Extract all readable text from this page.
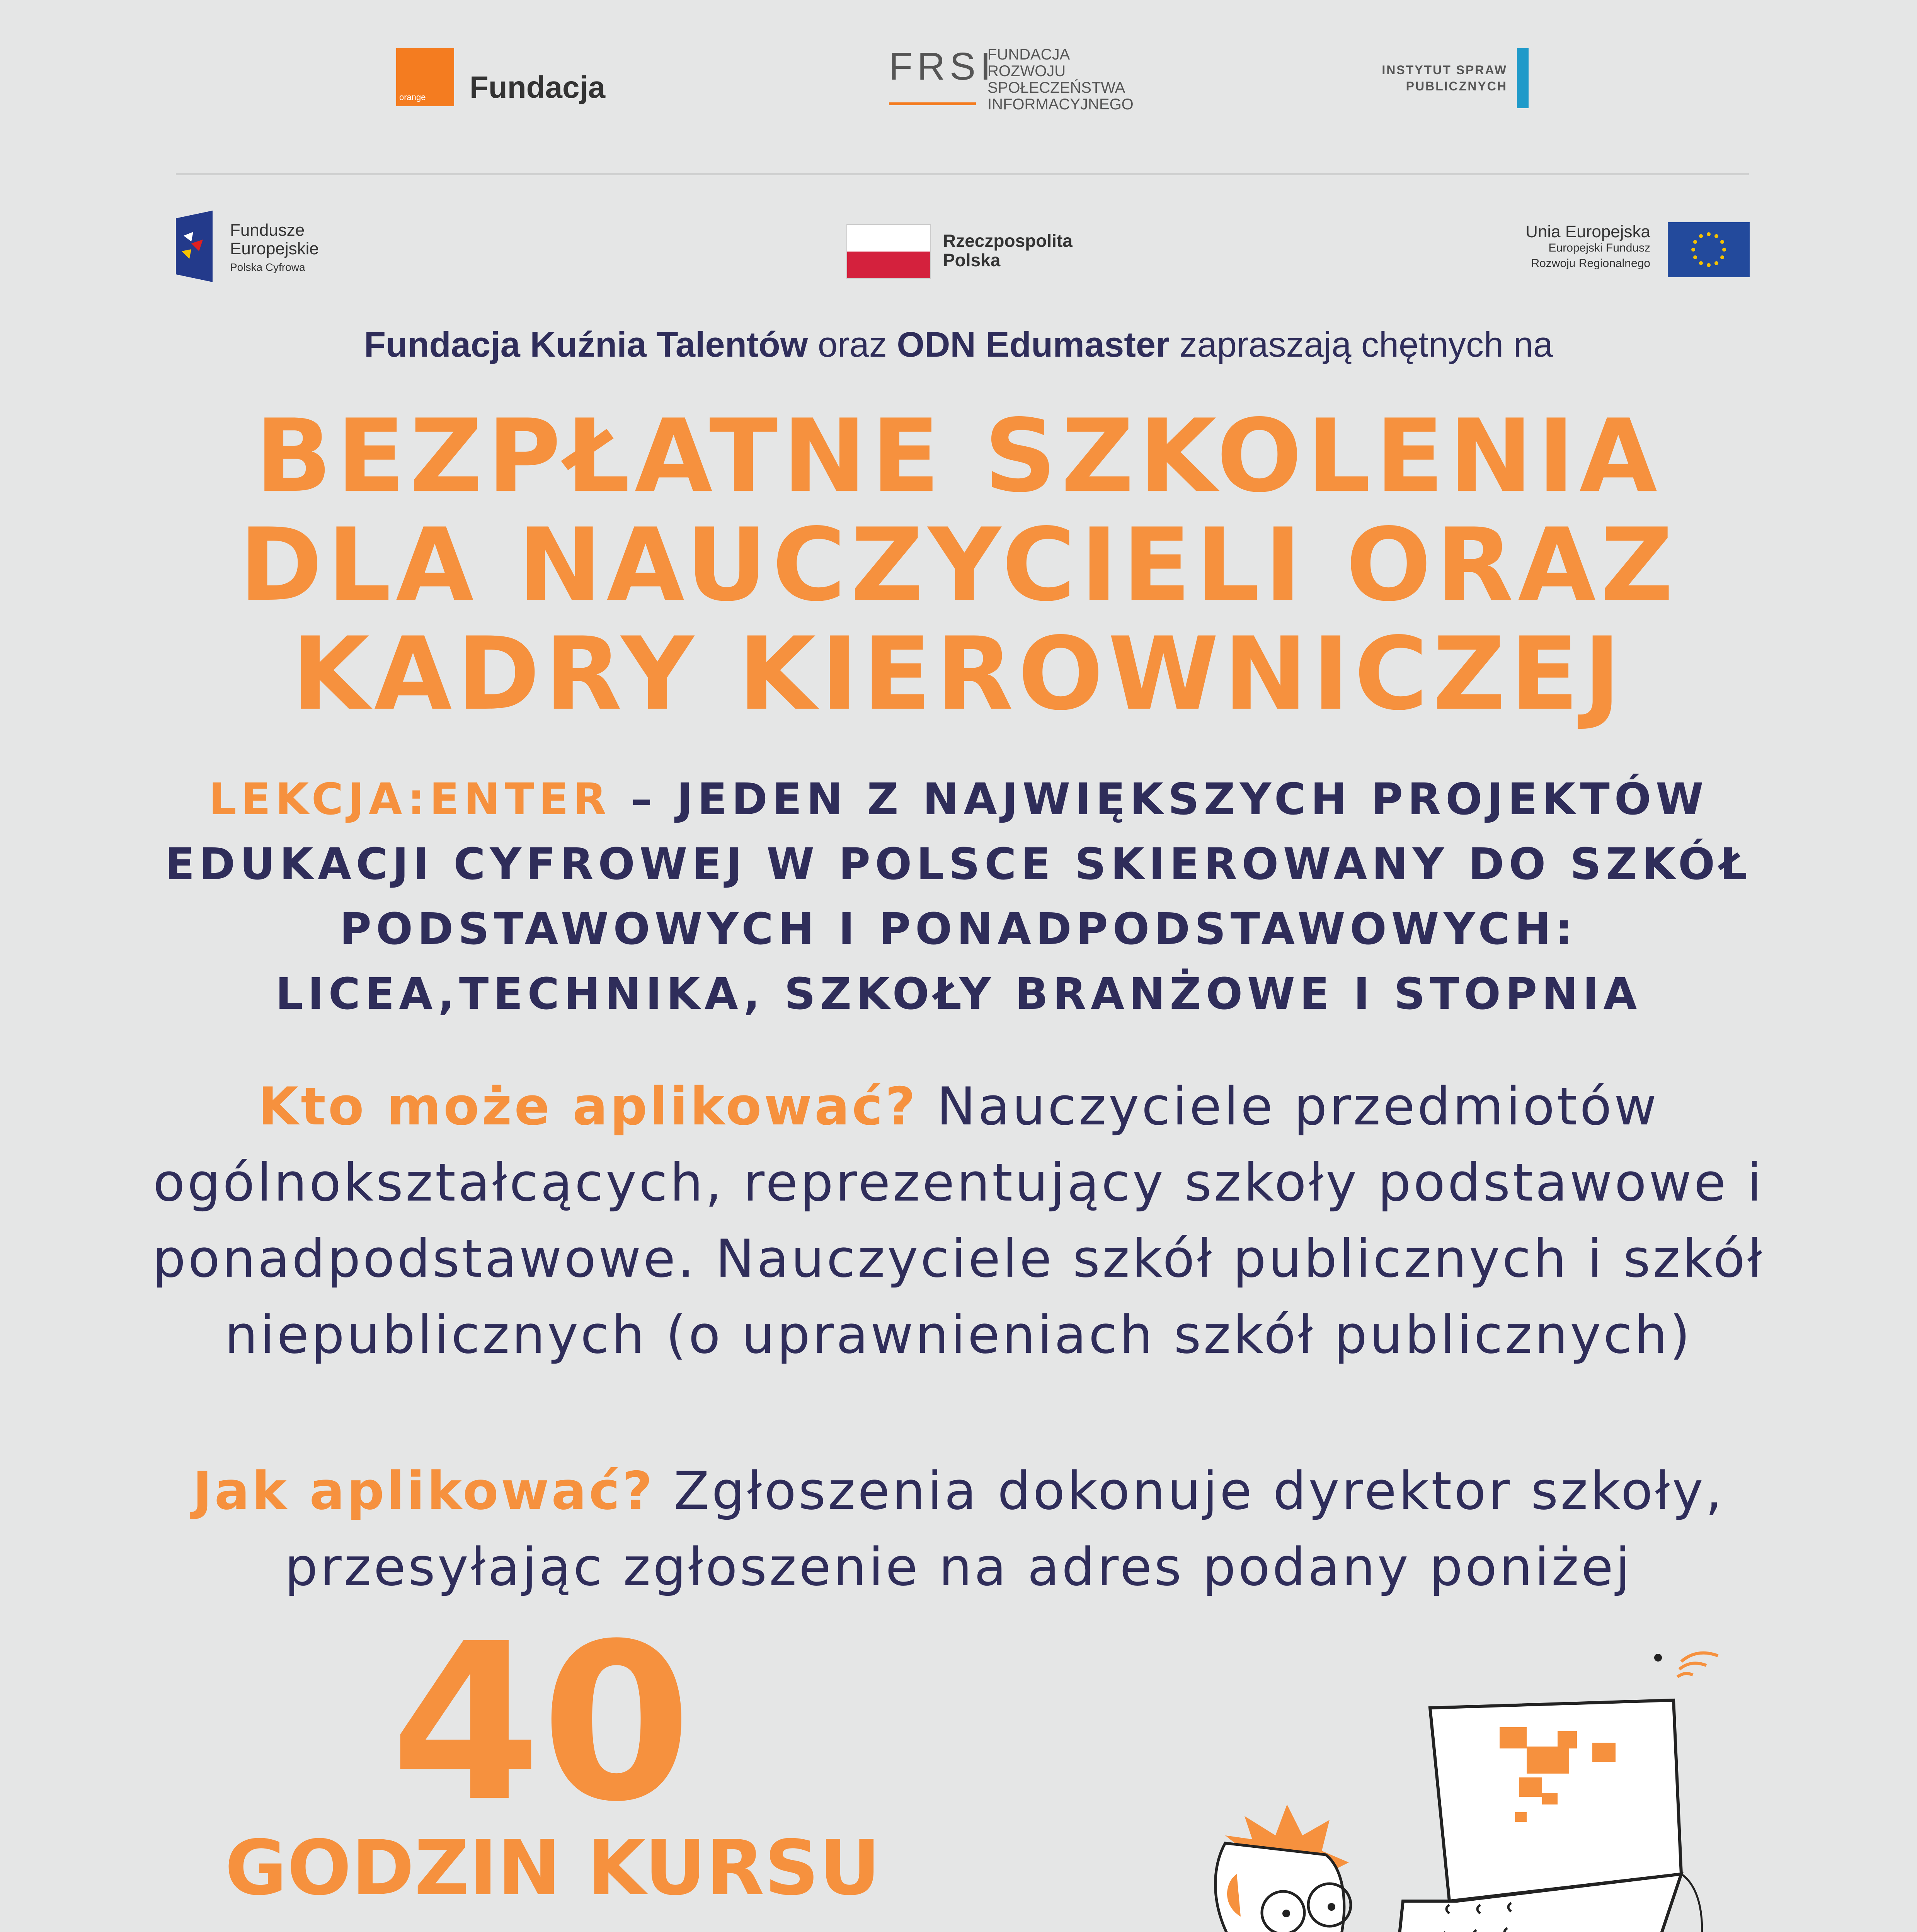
orange Fundacja	FRSI
FUNDACJA
ROZWOJU
SPOŁECZEŃSTWA
INFORMACYJNEGO
INSTYTUT SPRAW
PUBLICZNYCH
Fundusze
Europejskie
Polska Cyfrowa
Rzeczpospolita
Polska
Unia Europejska
Europejski Fundusz
Rozwoju Regionalnego
Fundacja Kuźnia Talentów oraz ODN Edumaster zapraszają chętnych na
BEZPŁATNE SZKOLENIA DLA NAUCZYCIELI ORAZ KADRY KIEROWNICZEJ
LEKCJA:ENTER – JEDEN Z NAJWIĘKSZYCH PROJEKTÓW EDUKACJI CYFROWEJ W POLSCE SKIEROWANY DO SZKÓŁ PODSTAWOWYCH I PONADPODSTAWOWYCH: LICEA,TECHNIKA, SZKOŁY BRANŻOWE I STOPNIA
Kto może aplikować? Nauczyciele przedmiotów ogólnokształcących, reprezentujący szkoły podstawowe i ponadpodstawowe. Nauczyciele szkół publicznych i szkół niepublicznych (o uprawnieniach szkół publicznych)
Jak aplikować? Zgłoszenia dokonuje dyrektor szkoły, przesyłając zgłoszenie na adres podany poniżej
40
GODZIN KURSU
